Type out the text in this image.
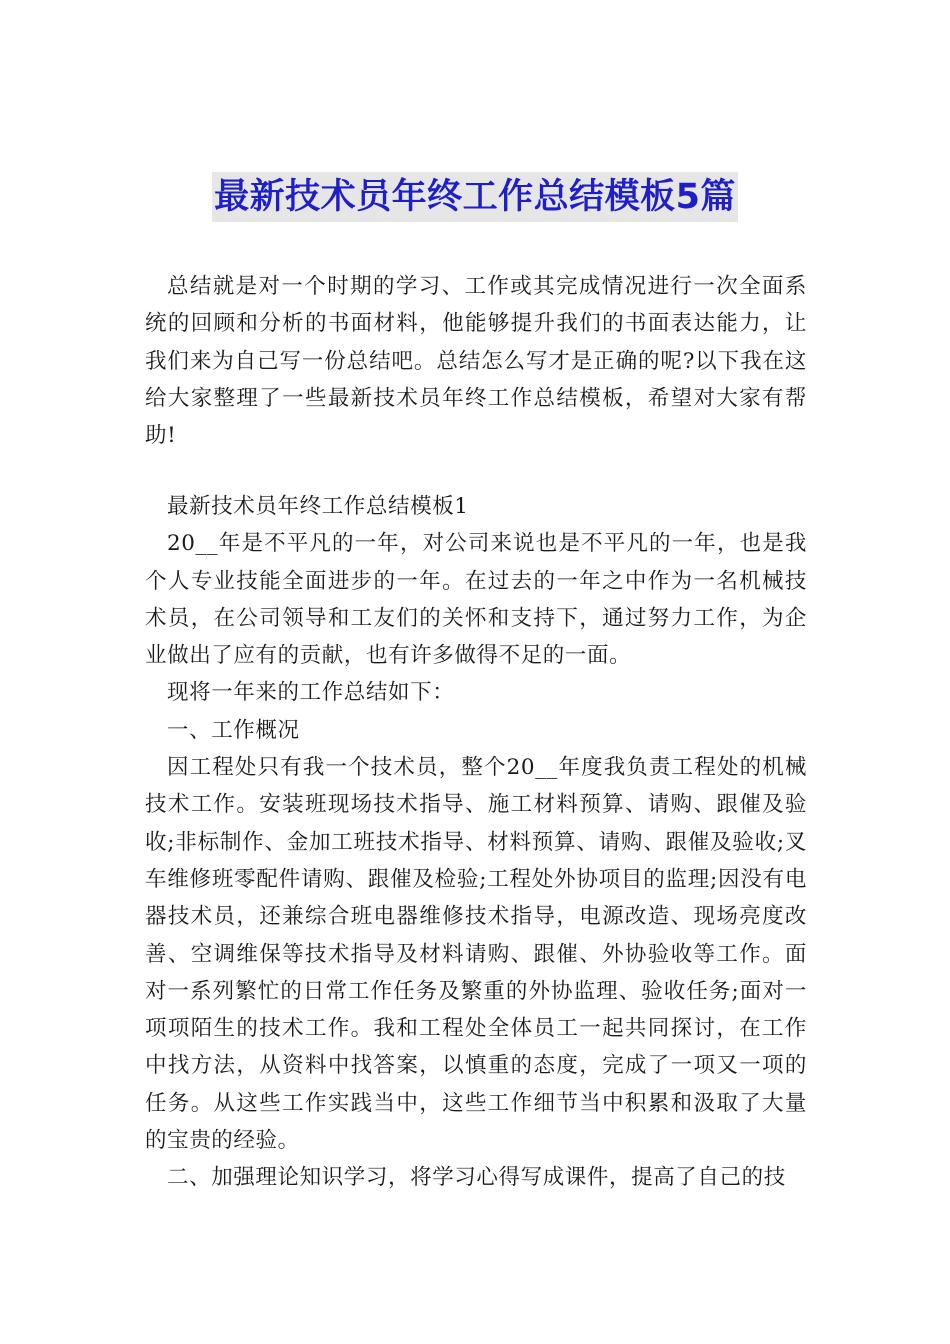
最新技术员年终工作总结模板5篇

总结就是对一个时期的学习、工作或其完成情况进行一次全面系统的回顾和分析的书面材料，他能够提升我们的书面表达能力，让我们来为自己写一份总结吧。总结怎么写才是正确的呢?以下我在这给大家整理了一些最新技术员年终工作总结模板，希望对大家有帮助!

最新技术员年终工作总结模板1

20__年是不平凡的一年，对公司来说也是不平凡的一年，也是我个人专业技能全面进步的一年。在过去的一年之中作为一名机械技术员，在公司领导和工友们的关怀和支持下，通过努力工作，为企业做出了应有的贡献，也有许多做得不足的一面。

现将一年来的工作总结如下：

一、工作概况

因工程处只有我一个技术员，整个20__年度我负责工程处的机械技术工作。安装班现场技术指导、施工材料预算、请购、跟催及验收;非标制作、金加工班技术指导、材料预算、请购、跟催及验收;叉车维修班零配件请购、跟催及检验;工程处外协项目的监理;因没有电器技术员，还兼综合班电器维修技术指导，电源改造、现场亮度改善、空调维保等技术指导及材料请购、跟催、外协验收等工作。面对一系列繁忙的日常工作任务及繁重的外协监理、验收任务;面对一项项陌生的技术工作。我和工程处全体员工一起共同探讨，在工作中找方法，从资料中找答案，以慎重的态度，完成了一项又一项的任务。从这些工作实践当中，这些工作细节当中积累和汲取了大量的宝贵的经验。

二、加强理论知识学习，将学习心得写成课件，提高了自己的技
